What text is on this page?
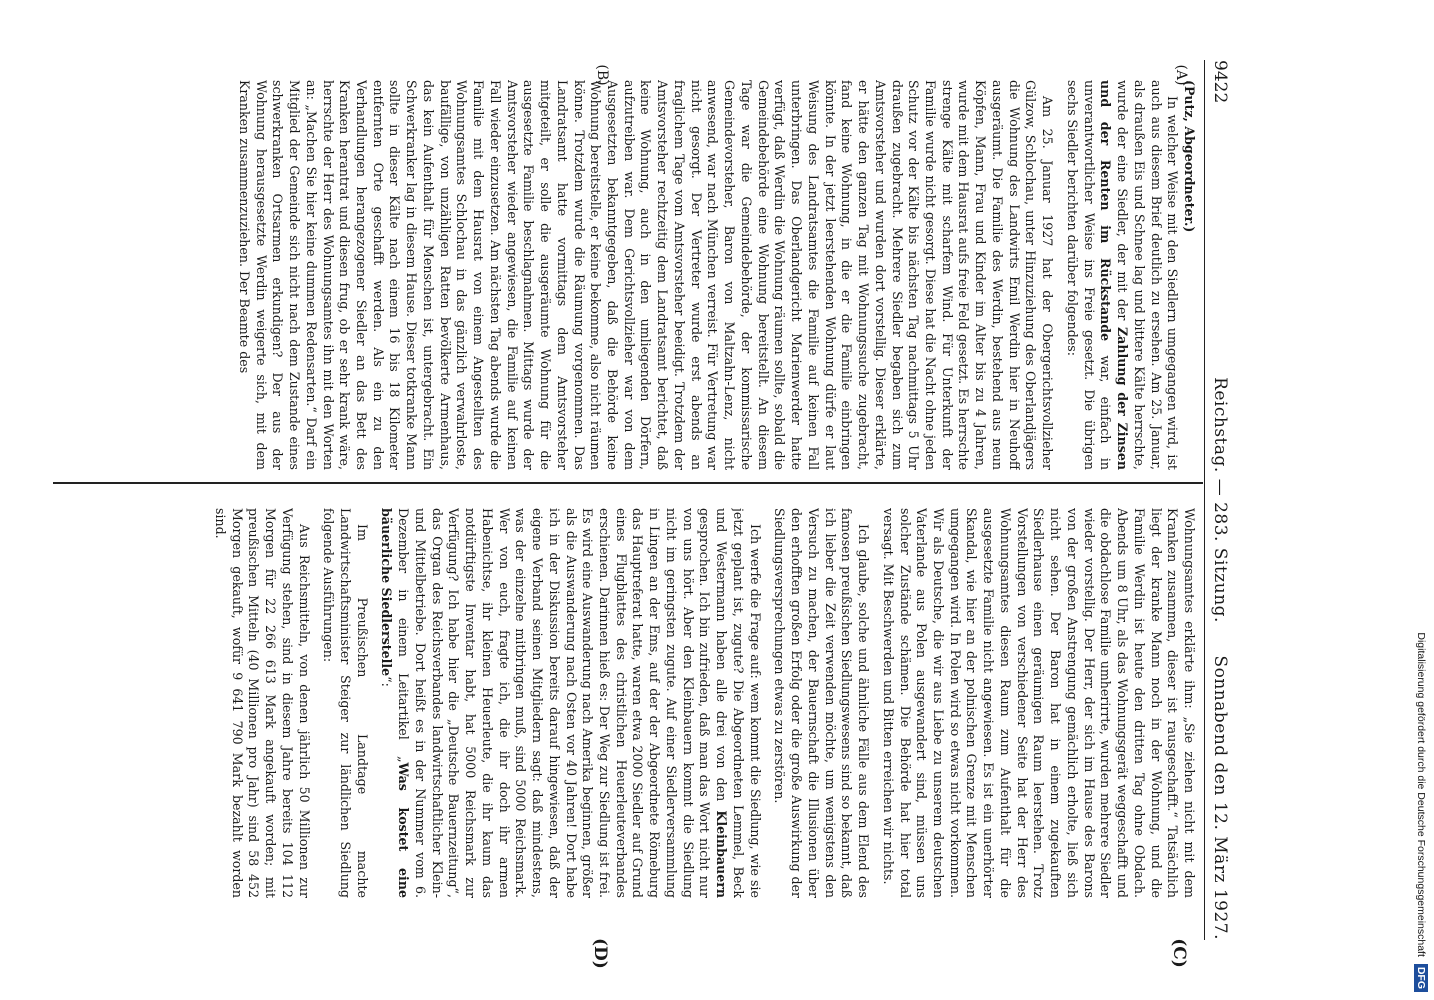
9422
Reichstag. — 283. Sitzung.
Sonnabend den 12. März 1927.
(A)
(B)
(C)
(D)

(Putz, Abgeordneter.)

In welcher Weise mit den Siedlern umgegangen wird, ist auch aus diesem Brief deutlich zu ersehen. Am 25. Januar, als draußen Eis und Schnee lag und bittere Kälte herrschte, wurde der eine Siedler, der mit der Zahlung der Zinsen und der Renten im Rückstande war, einfach in unverantwortlicher Weise ins Freie gesetzt. Die übrigen sechs Siedler berichten darüber folgendes:

Am 25. Januar 1927 hat der Obergerichtsvollzieher Gülzow, Schlochau, unter Hinzuziehung des Oberlandjägers die Wohnung des Landwirts Emil Werdin hier in Neuhoff ausgeräumt. Die Familie des Werdin, bestehend aus neun Köpfen, Mann, Frau und Kinder im Alter bis zu 4 Jahren, wurde mit dem Hausrat aufs freie Feld gesetzt. Es herrschte strenge Kälte mit scharfem Wind. Für Unterkunft der Familie wurde nicht gesorgt. Diese hat die Nacht ohne jeden Schutz vor der Kälte bis nächsten Tag nachmittags 5 Uhr draußen zugebracht. Mehrere Siedler begaben sich zum Amtsvorsteher und wurden dort vorstellig. Dieser erklärte, er hätte den ganzen Tag mit Wohnungssuche zugebracht, fand keine Wohnung, in die er die Familie einbringen könnte. In der jetzt leerstehenden Wohnung dürfe er laut Weisung des Landratsamtes die Familie auf keinen Fall unterbringen. Das Oberlandgericht Marienwerder hatte verfügt, daß Werdin die Wohnung räumen sollte, sobald die Gemeindebehörde eine Wohnung bereitstellt. An diesem Tage war die Gemeindebehörde, der kommissarische Gemeindevorsteher, Baron von Maltzahn-Lenz, nicht anwesend, war nach München verreist. Für Vertretung war nicht gesorgt. Der Vertreter wurde erst abends an fraglichem Tage vom Amtsvorsteher beeidigt. Trotzdem der Amtsvorsteher rechtzeitig dem Landratsamt berichtet, daß keine Wohnung, auch in den umliegenden Dörfern, aufzutreiben war. Dem Gerichtsvollzieher war von dem Ausgesetzten bekanntgegeben, daß die Behörde keine Wohnung bereitstelle, er keine bekomme, also nicht räumen könne. Trotzdem wurde die Räumung vorgenommen. Das Landratsamt hatte vormittags dem Amtsvorsteher mitgeteilt, er solle die ausgeräumte Wohnung für die ausgesetzte Familie beschlagnahmen. Mittags wurde der Amtsvorsteher wieder angewiesen, die Familie auf keinen Fall wieder einzusetzen. Am nächsten Tag abends wurde die Familie mit dem Hausrat von einem Angestellten des Wohnungsamtes Schlochau in das gänzlich verwahrloste, baufällige, von unzähligen Ratten bevölkerte Armenhaus, das kein Aufenthalt für Menschen ist, untergebracht. Ein Schwerkranker lag in diesem Hause. Dieser totkranke Mann sollte in dieser Kälte nach einem 16 bis 18 Kilometer entfernten Orte geschafft werden. Als ein zu den Verhandlungen herangezogener Siedler an das Bett des Kranken herantrat und diesen frug, ob er sehr krank wäre, herrschte der Herr des Wohnungsamtes ihn mit den Worten an: „Machen Sie hier keine dummen Redensarten.“ Darf ein Mitglied der Gemeinde sich nicht nach dem Zustande eines schwerkranken Ortsarmen erkundigen? Der aus der Wohnung herausgesetzte Werdin weigerte sich, mit dem Kranken zusammenzuziehen. Der Beamte des

Wohnungsamtes erklärte ihm: „Sie ziehen nicht mit dem Kranken zusammen, dieser ist rausgeschafft.“ Tatsächlich liegt der kranke Mann noch in der Wohnung, und die Familie Werdin ist heute den dritten Tag ohne Obdach. Abends um 8 Uhr, als das Wohnungsgerät weggeschafft und die obdachlose Familie umherirrte, wurden mehrere Siedler wieder vorstellig. Der Herr, der sich im Hause des Barons von der großen Anstrengung gemächlich erholte, ließ sich nicht sehen. Der Baron hat in einem zugekauften Siedlerhause einen geräumigen Raum leerstehen. Trotz Vorstellungen von verschiedener Seite hat der Herr des Wohnungsamtes diesen Raum zum Aufenthalt für die ausgesetzte Familie nicht angewiesen. Es ist ein unerhörter Skandal, wie hier an der polnischen Grenze mit Menschen umgegangen wird. In Polen wird so etwas nicht vorkommen. Wir als Deutsche, die wir aus Liebe zu unserem deutschen Vaterlande aus Polen ausgewandert sind, müssen uns solcher Zustände schämen. Die Behörde hat hier total versagt. Mit Beschwerden und Bitten erreichen wir nichts.

Ich glaube, solche und ähnliche Fälle aus dem Elend des famosen preußischen Siedlungswesens sind so bekannt, daß ich lieber die Zeit verwenden möchte, um wenigstens den Versuch zu machen, der Bauernschaft die Illusionen über den erhofften großen Erfolg oder die große Auswirkung der Siedlungsversprechungen etwas zu zerstören.

Ich werfe die Frage auf: wem kommt die Siedlung, wie sie jetzt geplant ist, zugute? Die Abgeordneten Lemmel, Beck und Westermann haben alle drei von den Kleinbauern gesprochen. Ich bin zufrieden, daß man das Wort nicht nur von uns hört. Aber den Kleinbauern kommt die Siedlung nicht im geringsten zugute. Auf einer Siedlerversammlung in Lingen an der Ems, auf der der Abgeordnete Römeburg das Hauptreferat hatte, waren etwa 2000 Siedler auf Grund eines Flugblattes des christlichen Heuerleuteverbandes erschienen. Darinnen hieß es: Der Weg zur Siedlung ist frei. Es wird eine Auswanderung nach Amerika beginnen, größer als die Auswanderung nach Osten vor 40 Jahren! Dort habe ich in der Diskussion bereits darauf hingewiesen, daß der eigene Verband seinen Mitgliedern sagt: daß mindestens, was der einzelne mitbringen muß, sind 5000 Reichsmark. Wer von euch, fragte ich, die ihr doch ihr armen Habenichtse, ihr kleinen Heuerleute, die ihr kaum das notdürftigste Inventar habt, hat 5000 Reichsmark zur Verfügung? Ich habe hier die „Deutsche Bauernzeitung“, das Organ des Reichsverbandes landwirtschaftlicher Klein- und Mittelbetriebe. Dort heißt es in der Nummer vom 6. Dezember in einem Leitartikel „Was kostet eine bäuerliche Siedlerstelle“:

Im Preußischen Landtage machte Landwirtschaftsminister Steiger zur ländlichen Siedlung folgende Ausführungen:

Aus Reichsmitteln, von denen jährlich 50 Millionen zur Verfügung stehen, sind in diesem Jahre bereits 104 112 Morgen für 22 266 613 Mark angekauft worden; mit preußischen Mitteln (40 Millionen pro Jahr) sind 58 452 Morgen gekauft, wofür 9 641 790 Mark bezahlt worden sind.

Digitalisierung gefördert durch die Deutsche Forschungsgemeinschaft DFG
